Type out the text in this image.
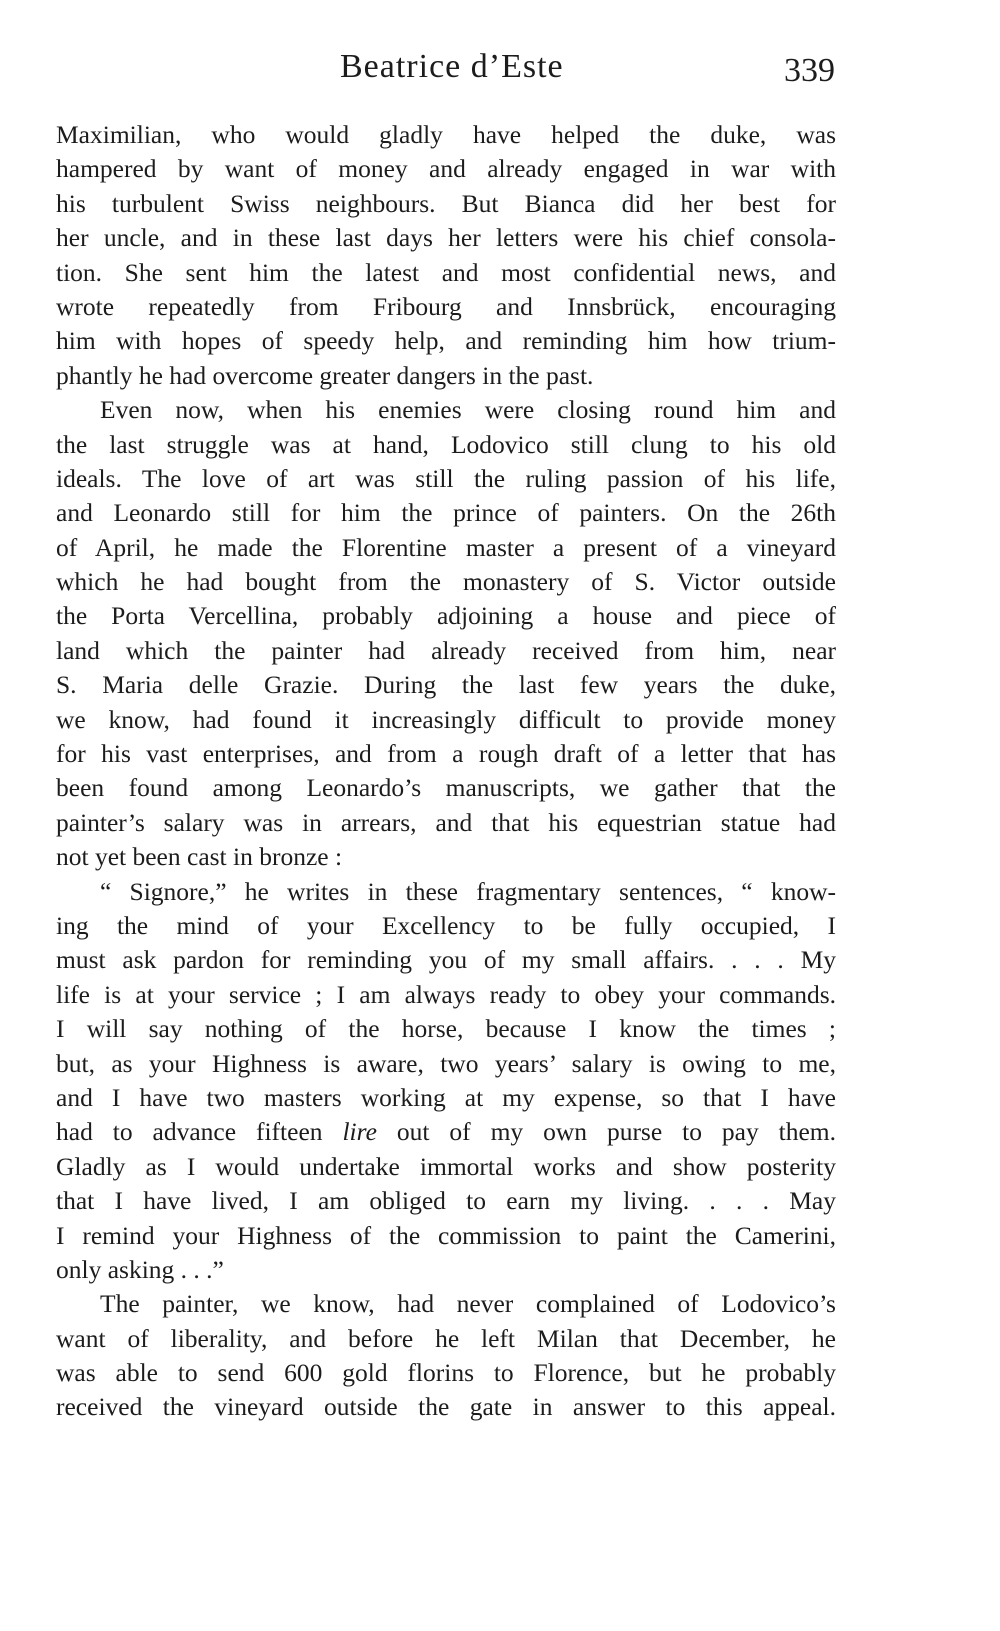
Beatrice d’Este	339
Maximilian, who would gladly have helped the duke, was
hampered by want of money and already engaged in war with
his turbulent Swiss neighbours. But Bianca did her best for
her uncle, and in these last days her letters were his chief consola-
tion. She sent him the latest and most confidential news, and
wrote repeatedly from Fribourg and Innsbrück, encouraging
him with hopes of speedy help, and reminding him how trium-
phantly he had overcome greater dangers in the past.
Even now, when his enemies were closing round him and
the last struggle was at hand, Lodovico still clung to his old
ideals. The love of art was still the ruling passion of his life,
and Leonardo still for him the prince of painters. On the 26th
of April, he made the Florentine master a present of a vineyard
which he had bought from the monastery of S. Victor outside
the Porta Vercellina, probably adjoining a house and piece of
land which the painter had already received from him, near
S. Maria delle Grazie. During the last few years the duke,
we know, had found it increasingly difficult to provide money
for his vast enterprises, and from a rough draft of a letter that has
been found among Leonardo’s manuscripts, we gather that the
painter’s salary was in arrears, and that his equestrian statue had
not yet been cast in bronze :
“ Signore,” he writes in these fragmentary sentences, “ know-
ing the mind of your Excellency to be fully occupied, I
must ask pardon for reminding you of my small affairs. . . . My
life is at your service ; I am always ready to obey your commands.
I will say nothing of the horse, because I know the times ;
but, as your Highness is aware, two years’ salary is owing to me,
and I have two masters working at my expense, so that I have
had to advance fifteen lire out of my own purse to pay them.
Gladly as I would undertake immortal works and show posterity
that I have lived, I am obliged to earn my living. . . . May
I remind your Highness of the commission to paint the Camerini,
only asking . . .”
The painter, we know, had never complained of Lodovico’s
want of liberality, and before he left Milan that December, he
was able to send 600 gold florins to Florence, but he probably
received the vineyard outside the gate in answer to this appeal.
